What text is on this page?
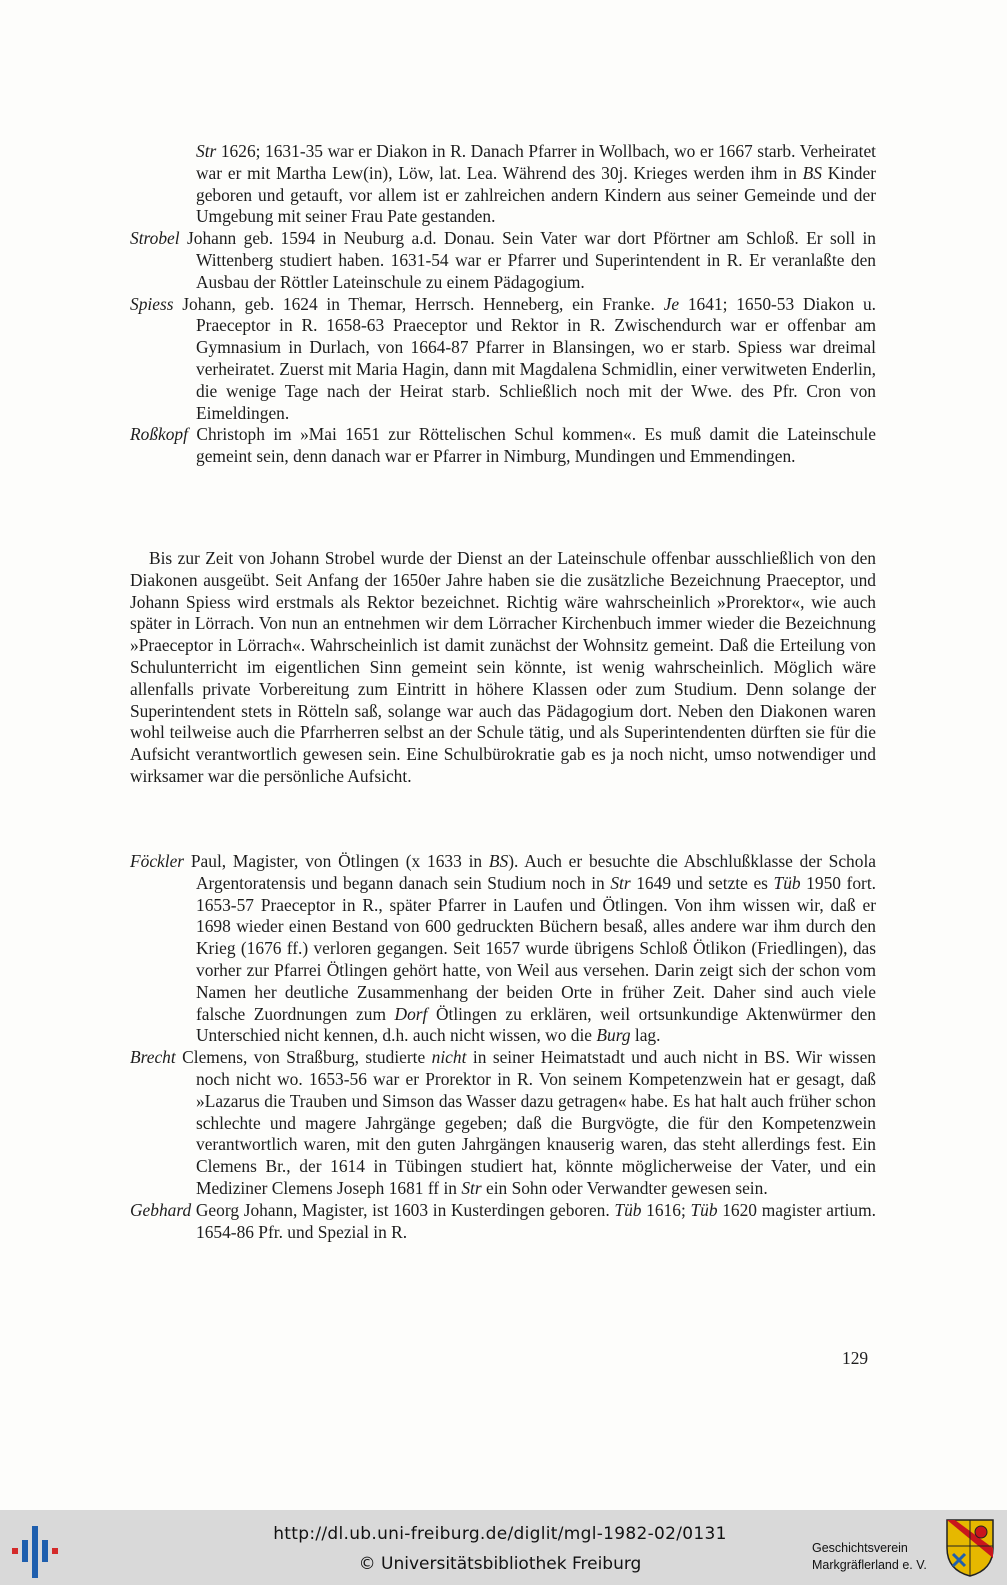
Str 1626; 1631-35 war er Diakon in R. Danach Pfarrer in Wollbach, wo er 1667 starb. Verheiratet war er mit Martha Lew(in), Löw, lat. Lea. Während des 30j. Krieges werden ihm in BS Kinder geboren und getauft, vor allem ist er zahlreichen andern Kindern aus seiner Gemeinde und der Umgebung mit seiner Frau Pate gestanden.
Strobel Johann geb. 1594 in Neuburg a.d. Donau. Sein Vater war dort Pförtner am Schloß. Er soll in Wittenberg studiert haben. 1631-54 war er Pfarrer und Superintendent in R. Er veranlaßte den Ausbau der Röttler Lateinschule zu einem Pädagogium.
Spiess Johann, geb. 1624 in Themar, Herrsch. Henneberg, ein Franke. Je 1641; 1650-53 Diakon u. Praeceptor in R. 1658-63 Praeceptor und Rektor in R. Zwischendurch war er offenbar am Gymnasium in Durlach, von 1664-87 Pfarrer in Blansingen, wo er starb. Spiess war dreimal verheiratet. Zuerst mit Maria Hagin, dann mit Magdalena Schmidlin, einer verwitweten Enderlin, die wenige Tage nach der Heirat starb. Schließlich noch mit der Wwe. des Pfr. Cron von Eimeldingen.
Roßkopf Christoph im »Mai 1651 zur Röttelischen Schul kommen«. Es muß damit die Lateinschule gemeint sein, denn danach war er Pfarrer in Nimburg, Mundingen und Emmendingen.
Bis zur Zeit von Johann Strobel wurde der Dienst an der Lateinschule offenbar ausschließlich von den Diakonen ausgeübt. Seit Anfang der 1650er Jahre haben sie die zusätzliche Bezeichnung Praeceptor, und Johann Spiess wird erstmals als Rektor bezeichnet. Richtig wäre wahrscheinlich »Prorektor«, wie auch später in Lörrach. Von nun an entnehmen wir dem Lörracher Kirchenbuch immer wieder die Bezeichnung »Praeceptor in Lörrach«. Wahrscheinlich ist damit zunächst der Wohnsitz gemeint. Daß die Erteilung von Schulunterricht im eigentlichen Sinn gemeint sein könnte, ist wenig wahrscheinlich. Möglich wäre allenfalls private Vorbereitung zum Eintritt in höhere Klassen oder zum Studium. Denn solange der Superintendent stets in Rötteln saß, solange war auch das Pädagogium dort. Neben den Diakonen waren wohl teilweise auch die Pfarrherren selbst an der Schule tätig, und als Superintendenten dürften sie für die Aufsicht verantwortlich gewesen sein. Eine Schulbürokratie gab es ja noch nicht, umso notwendiger und wirksamer war die persönliche Aufsicht.
Föckler Paul, Magister, von Ötlingen (x 1633 in BS). Auch er besuchte die Abschlußklasse der Schola Argentoratensis und begann danach sein Studium noch in Str 1649 und setzte es Tüb 1950 fort. 1653-57 Praeceptor in R., später Pfarrer in Laufen und Ötlingen. Von ihm wissen wir, daß er 1698 wieder einen Bestand von 600 gedruckten Büchern besaß, alles andere war ihm durch den Krieg (1676 ff.) verloren gegangen. Seit 1657 wurde übrigens Schloß Ötlikon (Friedlingen), das vorher zur Pfarrei Ötlingen gehört hatte, von Weil aus versehen. Darin zeigt sich der schon vom Namen her deutliche Zusammenhang der beiden Orte in früher Zeit. Daher sind auch viele falsche Zuordnungen zum Dorf Ötlingen zu erklären, weil ortsunkundige Aktenwürmer den Unterschied nicht kennen, d.h. auch nicht wissen, wo die Burg lag.
Brecht Clemens, von Straßburg, studierte nicht in seiner Heimatstadt und auch nicht in BS. Wir wissen noch nicht wo. 1653-56 war er Prorektor in R. Von seinem Kompetenzwein hat er gesagt, daß »Lazarus die Trauben und Simson das Wasser dazu getragen« habe. Es hat halt auch früher schon schlechte und magere Jahrgänge gegeben; daß die Burgvögte, die für den Kompetenzwein verantwortlich waren, mit den guten Jahrgängen knauserig waren, das steht allerdings fest. Ein Clemens Br., der 1614 in Tübingen studiert hat, könnte möglicherweise der Vater, und ein Mediziner Clemens Joseph 1681 ff in Str ein Sohn oder Verwandter gewesen sein.
Gebhard Georg Johann, Magister, ist 1603 in Kusterdingen geboren. Tüb 1616; Tüb 1620 magister artium. 1654-86 Pfr. und Spezial in R.
129
http://dl.ub.uni-freiburg.de/diglit/mgl-1982-02/0131
© Universitätsbibliothek Freiburg
Geschichtsverein
Markgräflerland e. V.
